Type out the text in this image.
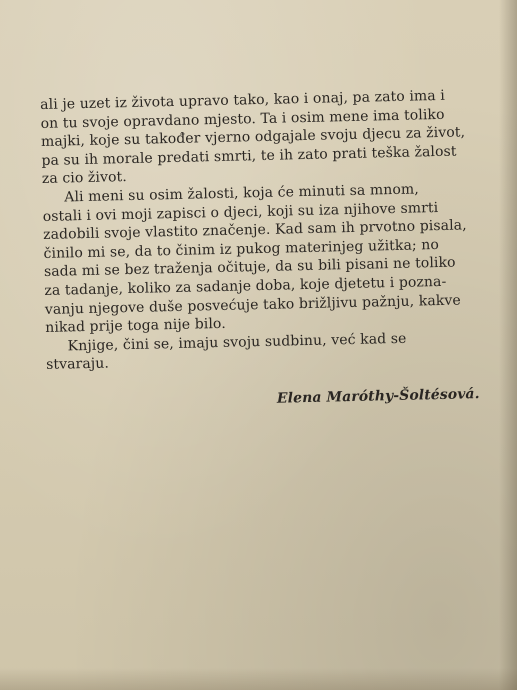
ali je uzet iz života upravo tako, kao i onaj, pa zato ima i
on tu svoje opravdano mjesto. Ta i osim mene ima toliko
majki, koje su također vjerno odgajale svoju djecu za život,
pa su ih morale predati smrti, te ih zato prati teška žalost
za cio život.
Ali meni su osim žalosti, koja će minuti sa mnom,
ostali i ovi moji zapisci o djeci, koji su iza njihove smrti
zadobili svoje vlastito značenje. Kad sam ih prvotno pisala,
činilo mi se, da to činim iz pukog materinjeg užitka; no
sada mi se bez traženja očituje, da su bili pisani ne toliko
za tadanje, koliko za sadanje doba, koje djetetu i pozna-
vanju njegove duše posvećuje tako brižljivu pažnju, kakve
nikad prije toga nije bilo.
Knjige, čini se, imaju svoju sudbinu, već kad se
stvaraju.
Elena Maróthy-Šoltésová.
